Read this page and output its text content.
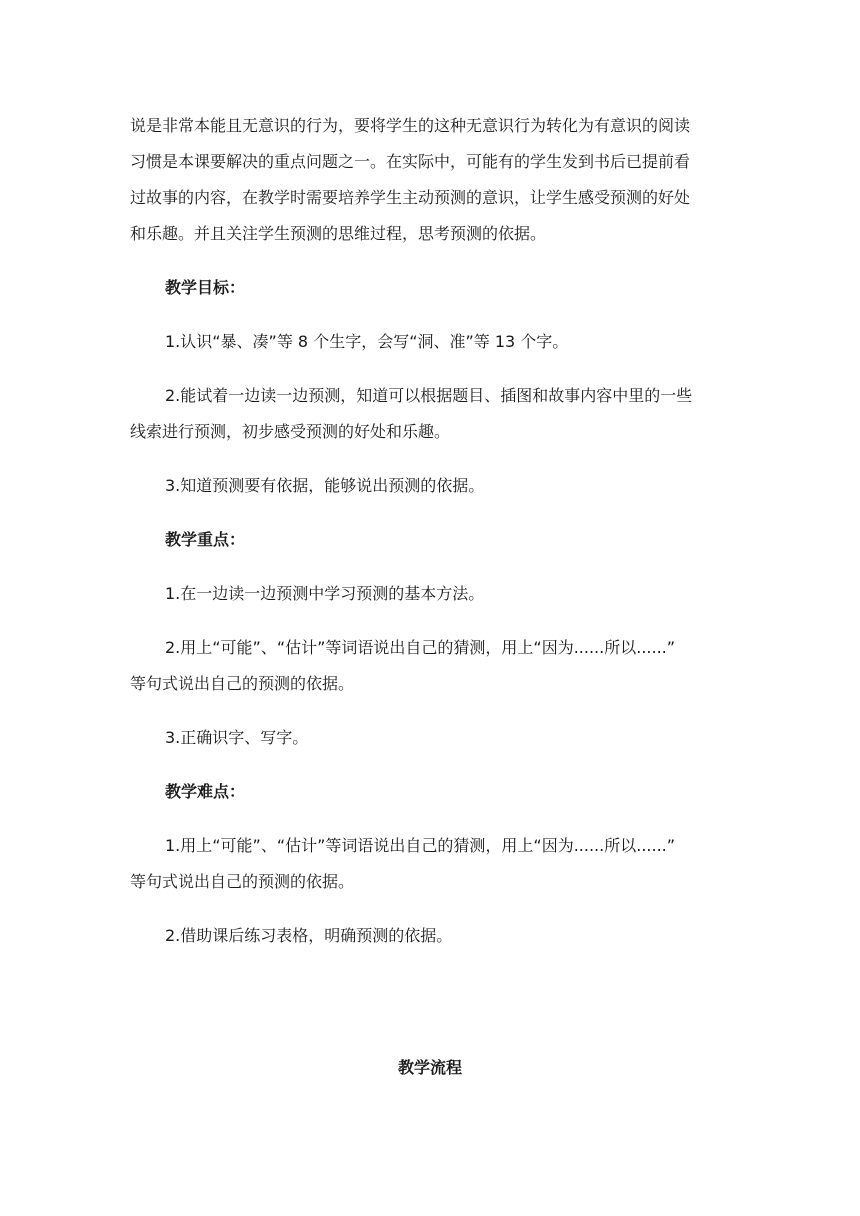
说是非常本能且无意识的行为，要将学生的这种无意识行为转化为有意识的阅读
习惯是本课要解决的重点问题之一。在实际中，可能有的学生发到书后已提前看
过故事的内容，在教学时需要培养学生主动预测的意识，让学生感受预测的好处
和乐趣。并且关注学生预测的思维过程，思考预测的依据。
教学目标：
1.认识“暴、凑”等 8 个生字，会写“洞、准”等 13 个字。
2.能试着一边读一边预测，知道可以根据题目、插图和故事内容中里的一些
线索进行预测，初步感受预测的好处和乐趣。
3.知道预测要有依据，能够说出预测的依据。
教学重点：
1.在一边读一边预测中学习预测的基本方法。
2.用上“可能”、“估计”等词语说出自己的猜测，用上“因为......所以......”
等句式说出自己的预测的依据。
3.正确识字、写字。
教学难点：
1.用上“可能”、“估计”等词语说出自己的猜测，用上“因为......所以......”
等句式说出自己的预测的依据。
2.借助课后练习表格，明确预测的依据。
教学流程
